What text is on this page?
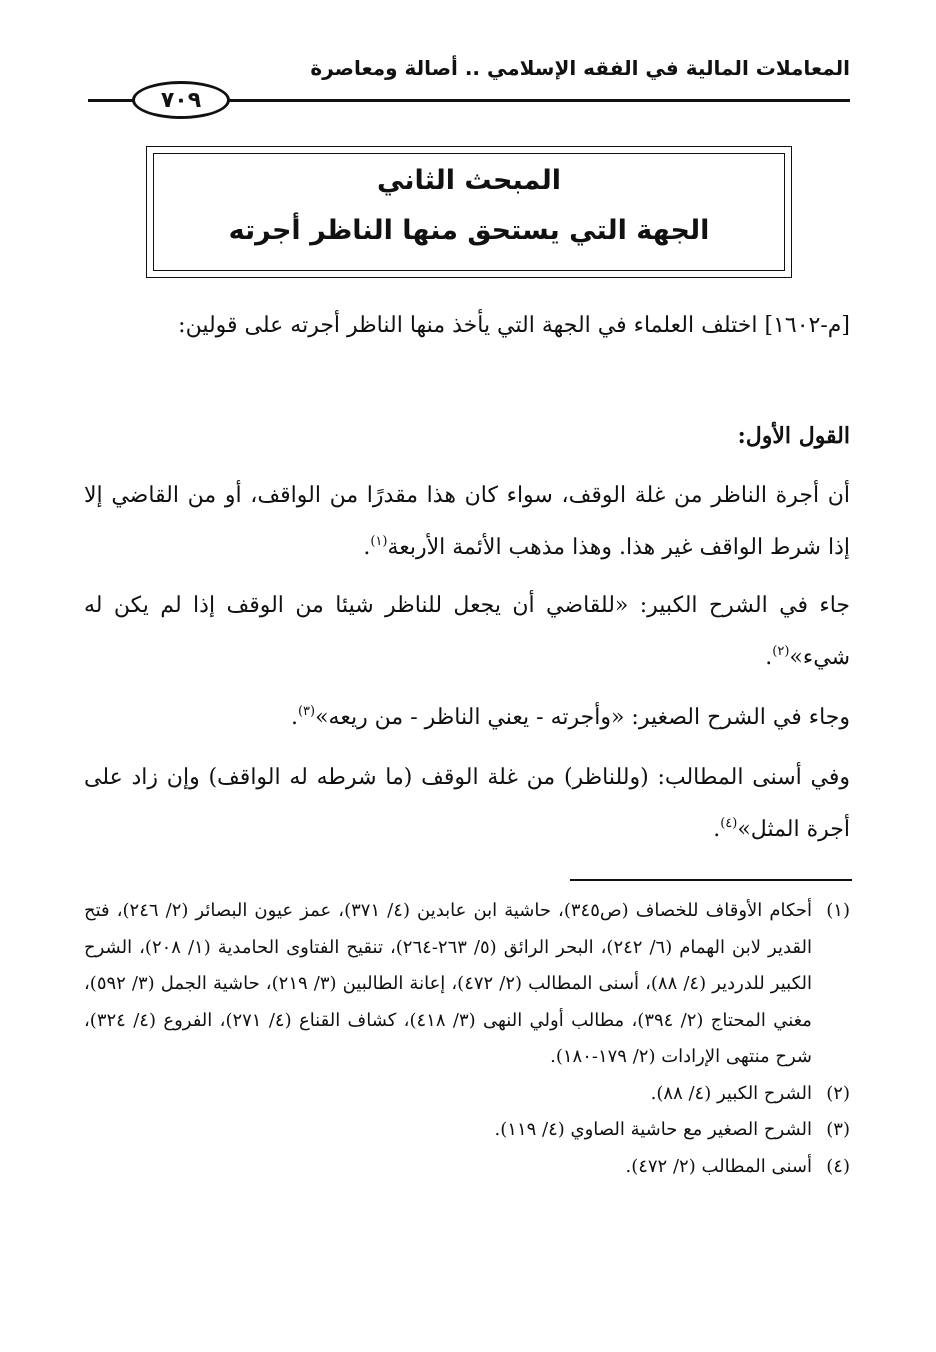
المعاملات المالية في الفقه الإسلامي .. أصالة ومعاصرة
٧٠٩
المبحث الثاني
الجهة التي يستحق منها الناظر أجرته
[م-١٦٠٢] اختلف العلماء في الجهة التي يأخذ منها الناظر أجرته على قولين:
القول الأول:
أن أجرة الناظر من غلة الوقف، سواء كان هذا مقدرًا من الواقف، أو من القاضي إلا إذا شرط الواقف غير هذا. وهذا مذهب الأئمة الأربعة$^{(١)}$.
جاء في الشرح الكبير: «للقاضي أن يجعل للناظر شيئا من الوقف إذا لم يكن له شيء»$^{(٢)}$.
وجاء في الشرح الصغير: «وأجرته - يعني الناظر - من ريعه»$^{(٣)}$.
وفي أسنى المطالب: (وللناظر) من غلة الوقف (ما شرطه له الواقف) وإن زاد على أجرة المثل»$^{(٤)}$.
(١)
أحكام الأوقاف للخصاف (ص٣٤٥)، حاشية ابن عابدين (٤/ ٣٧١)، عمز عيون البصائر (٢/ ٢٤٦)، فتح القدير لابن الهمام (٦/ ٢٤٢)، البحر الرائق (٥/ ٢٦٣-٢٦٤)، تنقيح الفتاوى الحامدية (١/ ٢٠٨)، الشرح الكبير للدردير (٤/ ٨٨)، أسنى المطالب (٢/ ٤٧٢)، إعانة الطالبين (٣/ ٢١٩)، حاشية الجمل (٣/ ٥٩٢)، مغني المحتاج (٢/ ٣٩٤)، مطالب أولي النهى (٣/ ٤١٨)، كشاف القناع (٤/ ٢٧١)، الفروع (٤/ ٣٢٤)، شرح منتهى الإرادات (٢/ ١٧٩-١٨٠).
(٢)
الشرح الكبير (٤/ ٨٨).
(٣)
الشرح الصغير مع حاشية الصاوي (٤/ ١١٩).
(٤)
أسنى المطالب (٢/ ٤٧٢).
